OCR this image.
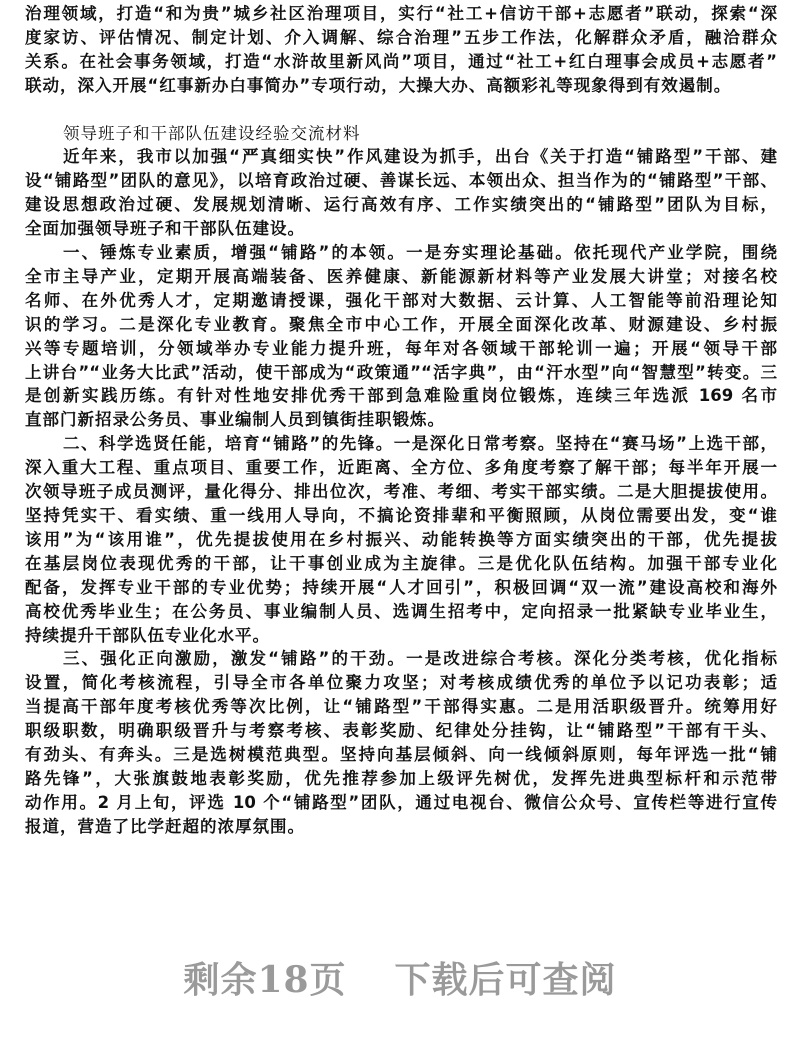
治理领域，打造“和为贵”城乡社区治理项目，实行“社工+信访干部+志愿者”联动，探索“深
度家访、评估情况、制定计划、介入调解、综合治理”五步工作法，化解群众矛盾，融洽群众
关系。在社会事务领域，打造“水浒故里新风尚”项目，通过“社工+红白理事会成员+志愿者”
联动，深入开展“红事新办白事简办”专项行动，大操大办、高额彩礼等现象得到有效遏制。
领导班子和干部队伍建设经验交流材料
近年来，我市以加强“严真细实快”作风建设为抓手，出台《关于打造“铺路型”干部、建
设“铺路型”团队的意见》，以培育政治过硬、善谋长远、本领出众、担当作为的“铺路型”干部、
建设思想政治过硬、发展规划清晰、运行高效有序、工作实绩突出的“铺路型”团队为目标，
全面加强领导班子和干部队伍建设。
一、锤炼专业素质，增强“铺路”的本领。一是夯实理论基础。依托现代产业学院，围绕
全市主导产业，定期开展高端装备、医养健康、新能源新材料等产业发展大讲堂；对接名校
名师、在外优秀人才，定期邀请授课，强化干部对大数据、云计算、人工智能等前沿理论知
识的学习。二是深化专业教育。聚焦全市中心工作，开展全面深化改革、财源建设、乡村振
兴等专题培训，分领域举办专业能力提升班，每年对各领域干部轮训一遍；开展“领导干部
上讲台”“业务大比武”活动，使干部成为“政策通”“活字典”，由“汗水型”向“智慧型”转变。三
是创新实践历练。有针对性地安排优秀干部到急难险重岗位锻炼，连续三年选派 169 名市
直部门新招录公务员、事业编制人员到镇街挂职锻炼。
二、科学选贤任能，培育“铺路”的先锋。一是深化日常考察。坚持在“赛马场”上选干部，
深入重大工程、重点项目、重要工作，近距离、全方位、多角度考察了解干部；每半年开展一
次领导班子成员测评，量化得分、排出位次，考准、考细、考实干部实绩。二是大胆提拔使用。
坚持凭实干、看实绩、重一线用人导向，不搞论资排辈和平衡照顾，从岗位需要出发，变“谁
该用”为“该用谁”，优先提拔使用在乡村振兴、动能转换等方面实绩突出的干部，优先提拔
在基层岗位表现优秀的干部，让干事创业成为主旋律。三是优化队伍结构。加强干部专业化
配备，发挥专业干部的专业优势；持续开展“人才回引”，积极回调“双一流”建设高校和海外
高校优秀毕业生；在公务员、事业编制人员、选调生招考中，定向招录一批紧缺专业毕业生，
持续提升干部队伍专业化水平。
三、强化正向激励，激发“铺路”的干劲。一是改进综合考核。深化分类考核，优化指标
设置，简化考核流程，引导全市各单位聚力攻坚；对考核成绩优秀的单位予以记功表彰；适
当提高干部年度考核优秀等次比例，让“铺路型”干部得实惠。二是用活职级晋升。统筹用好
职级职数，明确职级晋升与考察考核、表彰奖励、纪律处分挂钩，让“铺路型”干部有干头、
有劲头、有奔头。三是选树模范典型。坚持向基层倾斜、向一线倾斜原则，每年评选一批“铺
路先锋”，大张旗鼓地表彰奖励，优先推荐参加上级评先树优，发挥先进典型标杆和示范带
动作用。2 月上旬，评选 10 个“铺路型”团队，通过电视台、微信公众号、宣传栏等进行宣传
报道，营造了比学赶超的浓厚氛围。
剩余18页 下载后可查阅
